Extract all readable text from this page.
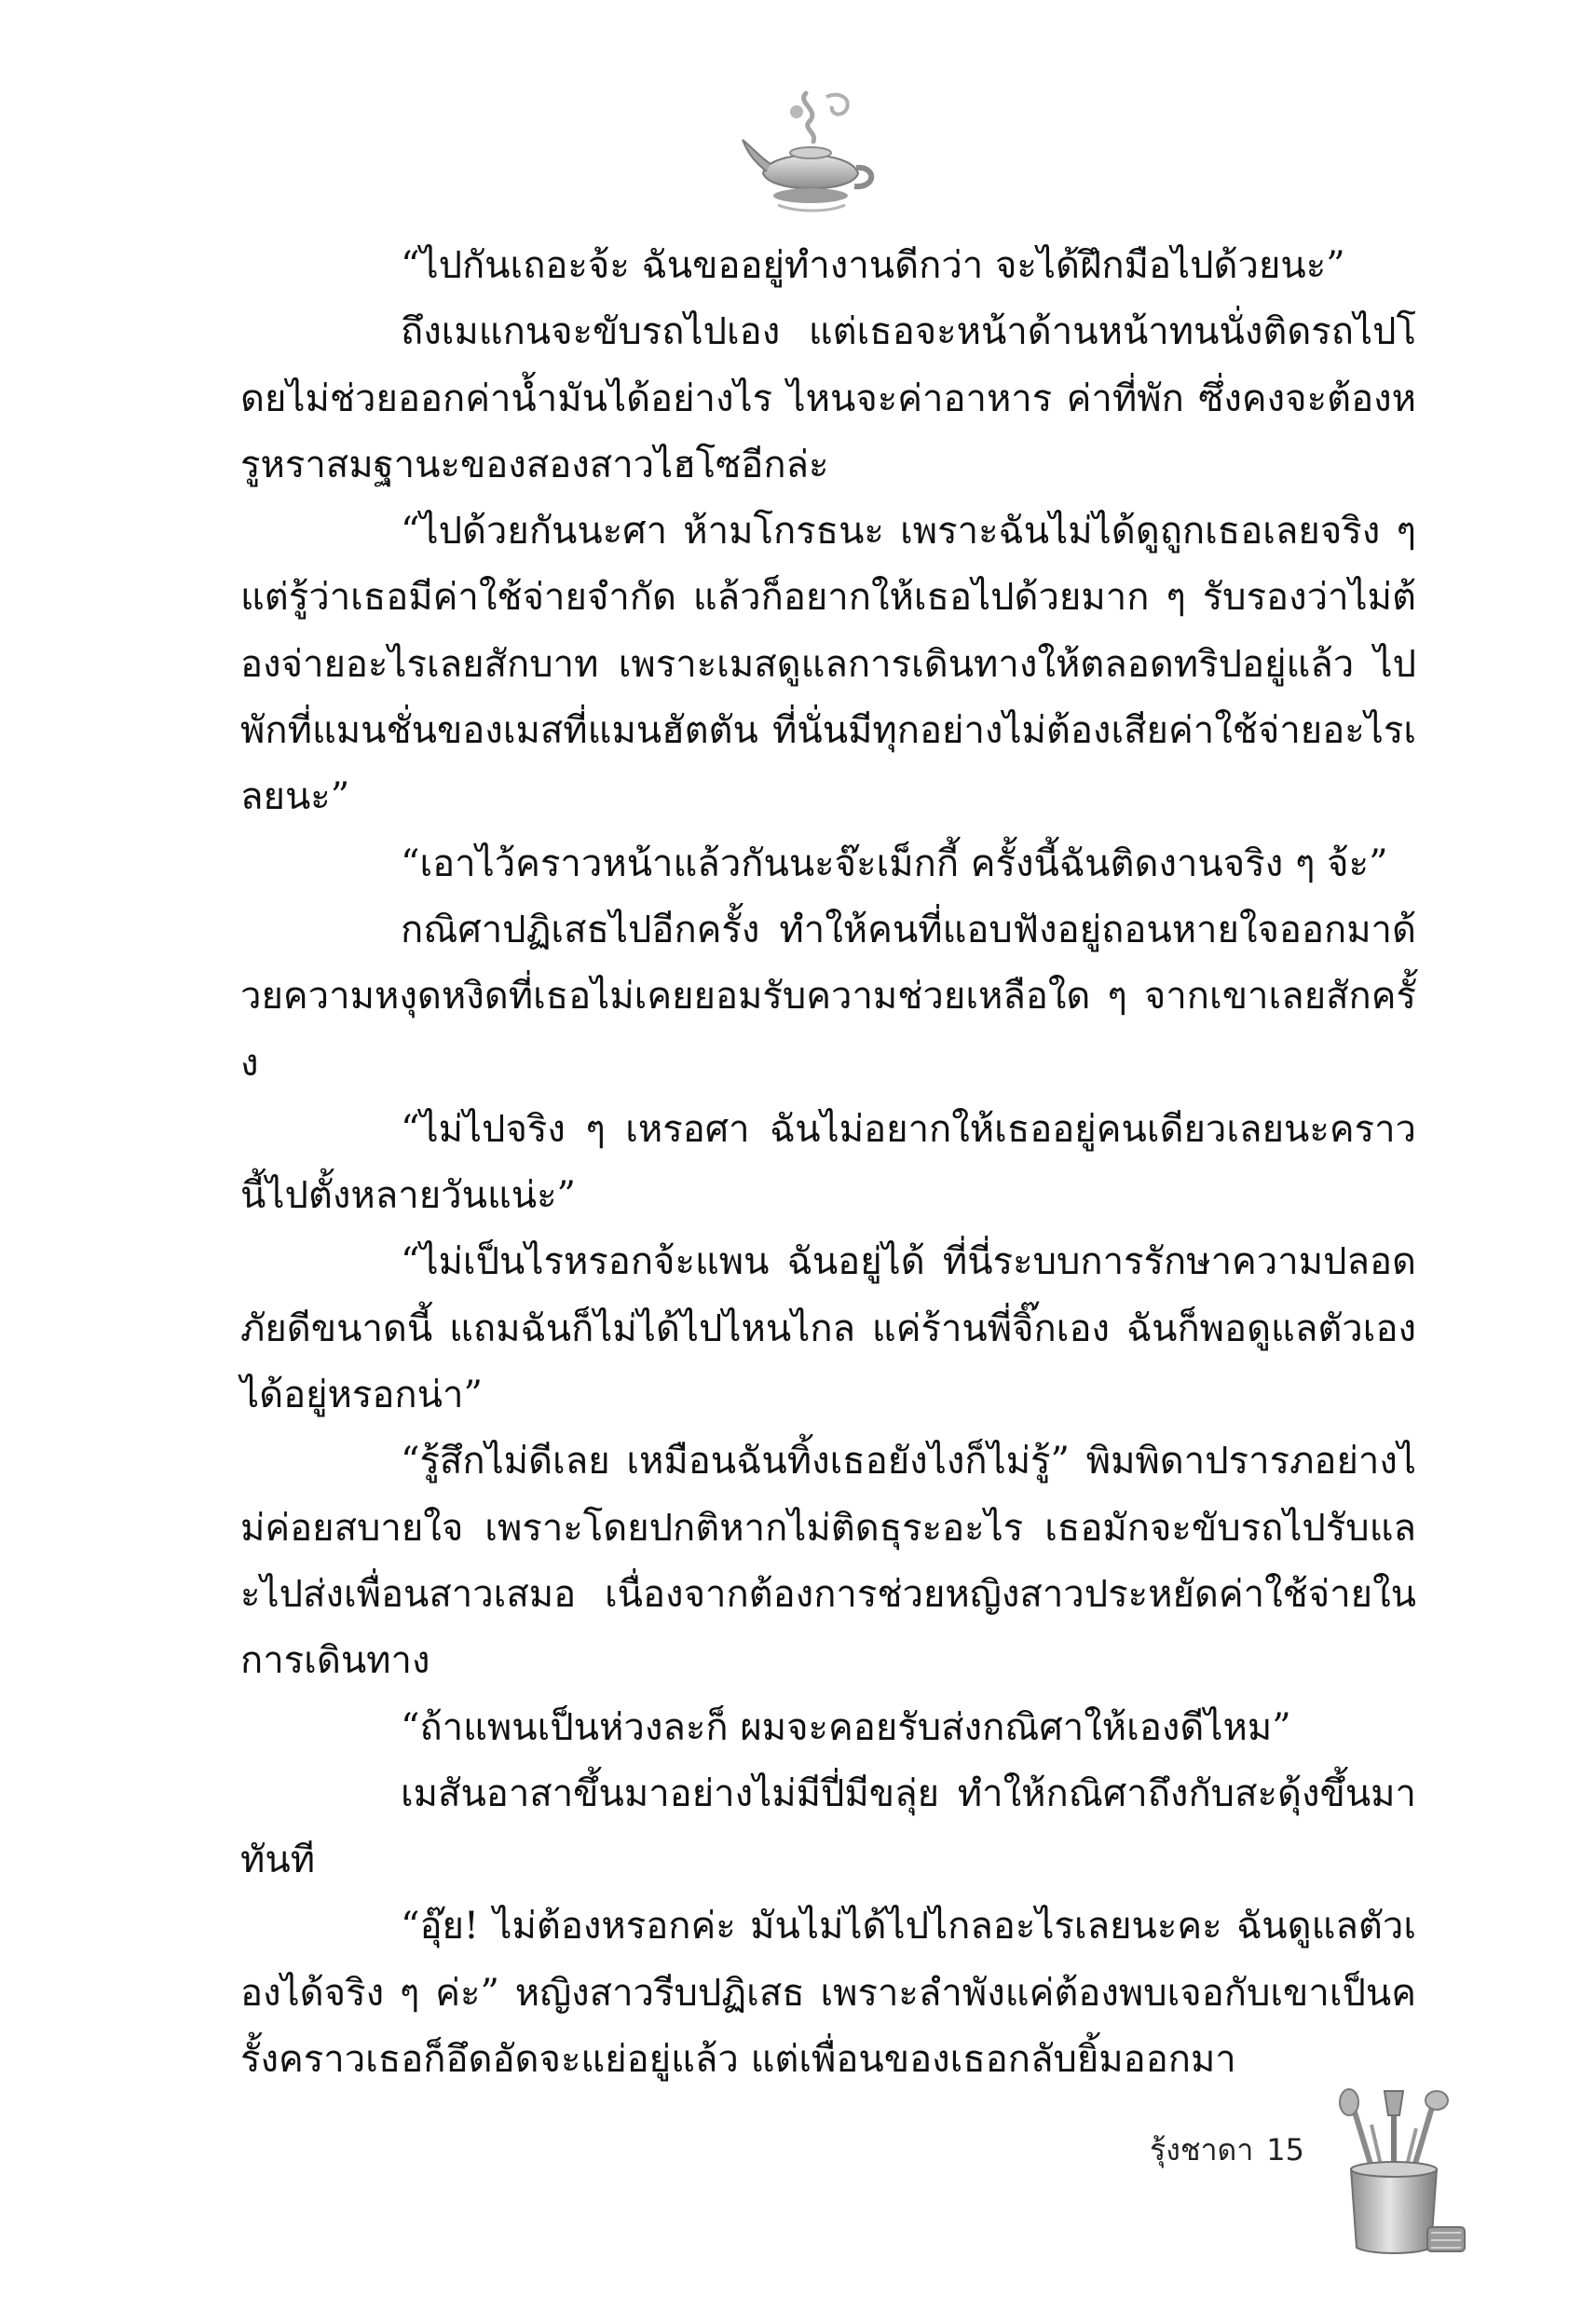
“ไปกันเถอะจ้ะ ฉันขออยู่ทำงานดีกว่า จะได้ฝึกมือไปด้วยนะ”

ถึงเมแกนจะขับรถไปเอง แต่เธอจะหน้าด้านหน้าทนนั่งติดรถไปโดยไม่ช่วยออกค่าน้ำมันได้อย่างไร ไหนจะค่าอาหาร ค่าที่พัก ซึ่งคงจะต้องหรูหราสมฐานะของสองสาวไฮโซอีกล่ะ

“ไปด้วยกันนะศา ห้ามโกรธนะ เพราะฉันไม่ได้ดูถูกเธอเลยจริง ๆ แต่รู้ว่าเธอมีค่าใช้จ่ายจำกัด แล้วก็อยากให้เธอไปด้วยมาก ๆ รับรองว่าไม่ต้องจ่ายอะไรเลยสักบาท เพราะเมสดูแลการเดินทางให้ตลอดทริปอยู่แล้ว ไปพักที่แมนชั่นของเมสที่แมนฮัตตัน ที่นั่นมีทุกอย่างไม่ต้องเสียค่าใช้จ่ายอะไรเลยนะ”

“เอาไว้คราวหน้าแล้วกันนะจ๊ะเม็กกี้ ครั้งนี้ฉันติดงานจริง ๆ จ้ะ”

กณิศาปฏิเสธไปอีกครั้ง ทำให้คนที่แอบฟังอยู่ถอนหายใจออกมาด้วยความหงุดหงิดที่เธอไม่เคยยอมรับความช่วยเหลือใด ๆ จากเขาเลยสักครั้ง

“ไม่ไปจริง ๆ เหรอศา ฉันไม่อยากให้เธออยู่คนเดียวเลยนะคราวนี้ไปตั้งหลายวันแน่ะ”

“ไม่เป็นไรหรอกจ้ะแพน ฉันอยู่ได้ ที่นี่ระบบการรักษาความปลอดภัยดีขนาดนี้ แถมฉันก็ไม่ได้ไปไหนไกล แค่ร้านพี่จิ๊กเอง ฉันก็พอดูแลตัวเองได้อยู่หรอกน่า”

“รู้สึกไม่ดีเลย เหมือนฉันทิ้งเธอยังไงก็ไม่รู้” พิมพิดาปรารภอย่างไม่ค่อยสบายใจ เพราะโดยปกติหากไม่ติดธุระอะไร เธอมักจะขับรถไปรับและไปส่งเพื่อนสาวเสมอ เนื่องจากต้องการช่วยหญิงสาวประหยัดค่าใช้จ่ายในการเดินทาง

“ถ้าแพนเป็นห่วงละก็ ผมจะคอยรับส่งกณิศาให้เองดีไหม”

เมสันอาสาขึ้นมาอย่างไม่มีปี่มีขลุ่ย ทำให้กณิศาถึงกับสะดุ้งขึ้นมาทันที

“อุ๊ย! ไม่ต้องหรอกค่ะ มันไม่ได้ไปไกลอะไรเลยนะคะ ฉันดูแลตัวเองได้จริง ๆ ค่ะ” หญิงสาวรีบปฏิเสธ เพราะลำพังแค่ต้องพบเจอกับเขาเป็นครั้งคราวเธอก็อึดอัดจะแย่อยู่แล้ว แต่เพื่อนของเธอกลับยิ้มออกมา

รุ้งชาดา 15
